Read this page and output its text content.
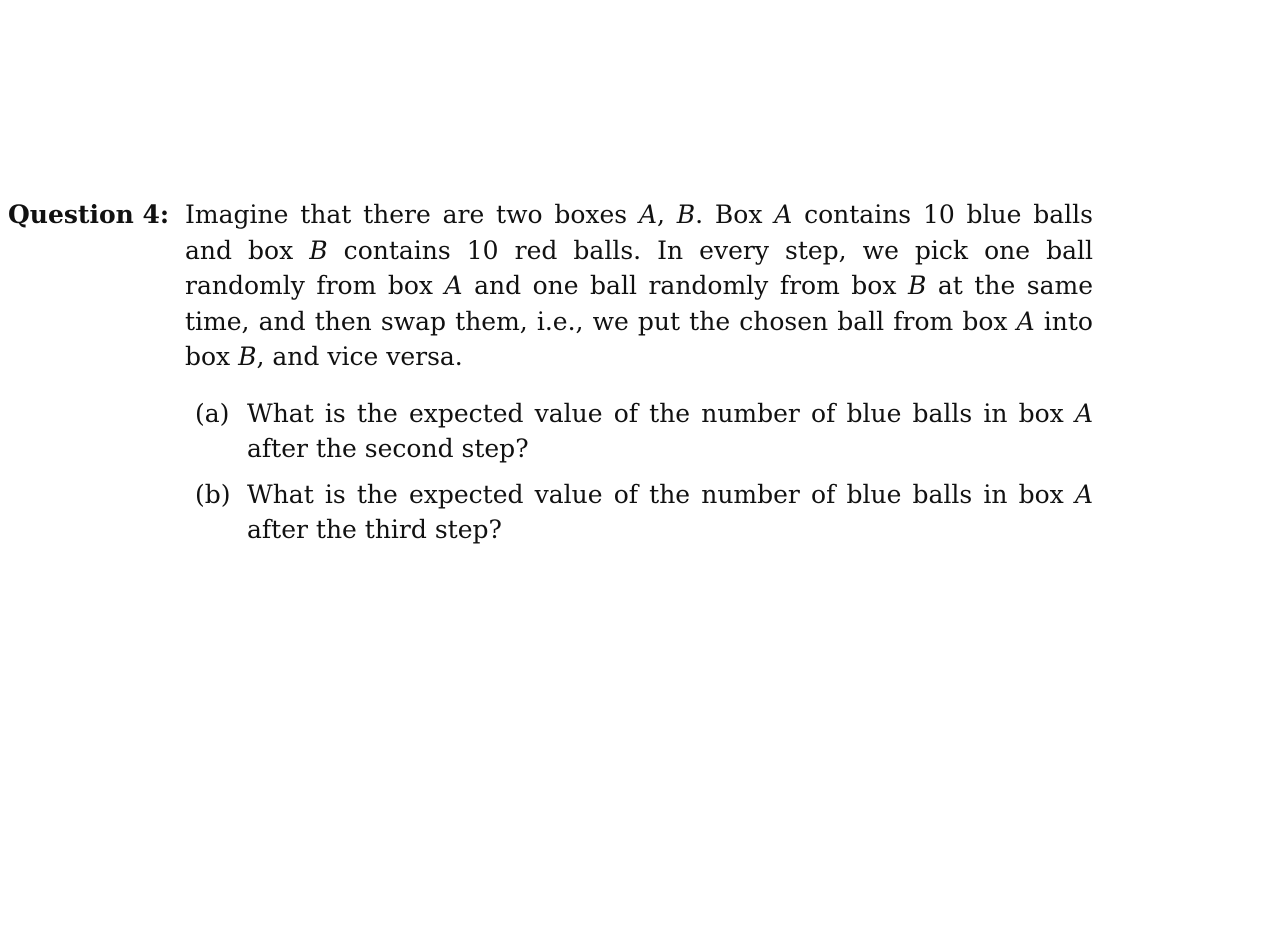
Question 4: Imagine that there are two boxes A, B. Box A contains 10 blue balls and box B contains 10 red balls. In every step, we pick one ball randomly from box A and one ball randomly from box B at the same time, and then swap them, i.e., we put the chosen ball from box A into box B, and vice versa.

(a) What is the expected value of the number of blue balls in box A after the second step?
(b) What is the expected value of the number of blue balls in box A after the third step?
